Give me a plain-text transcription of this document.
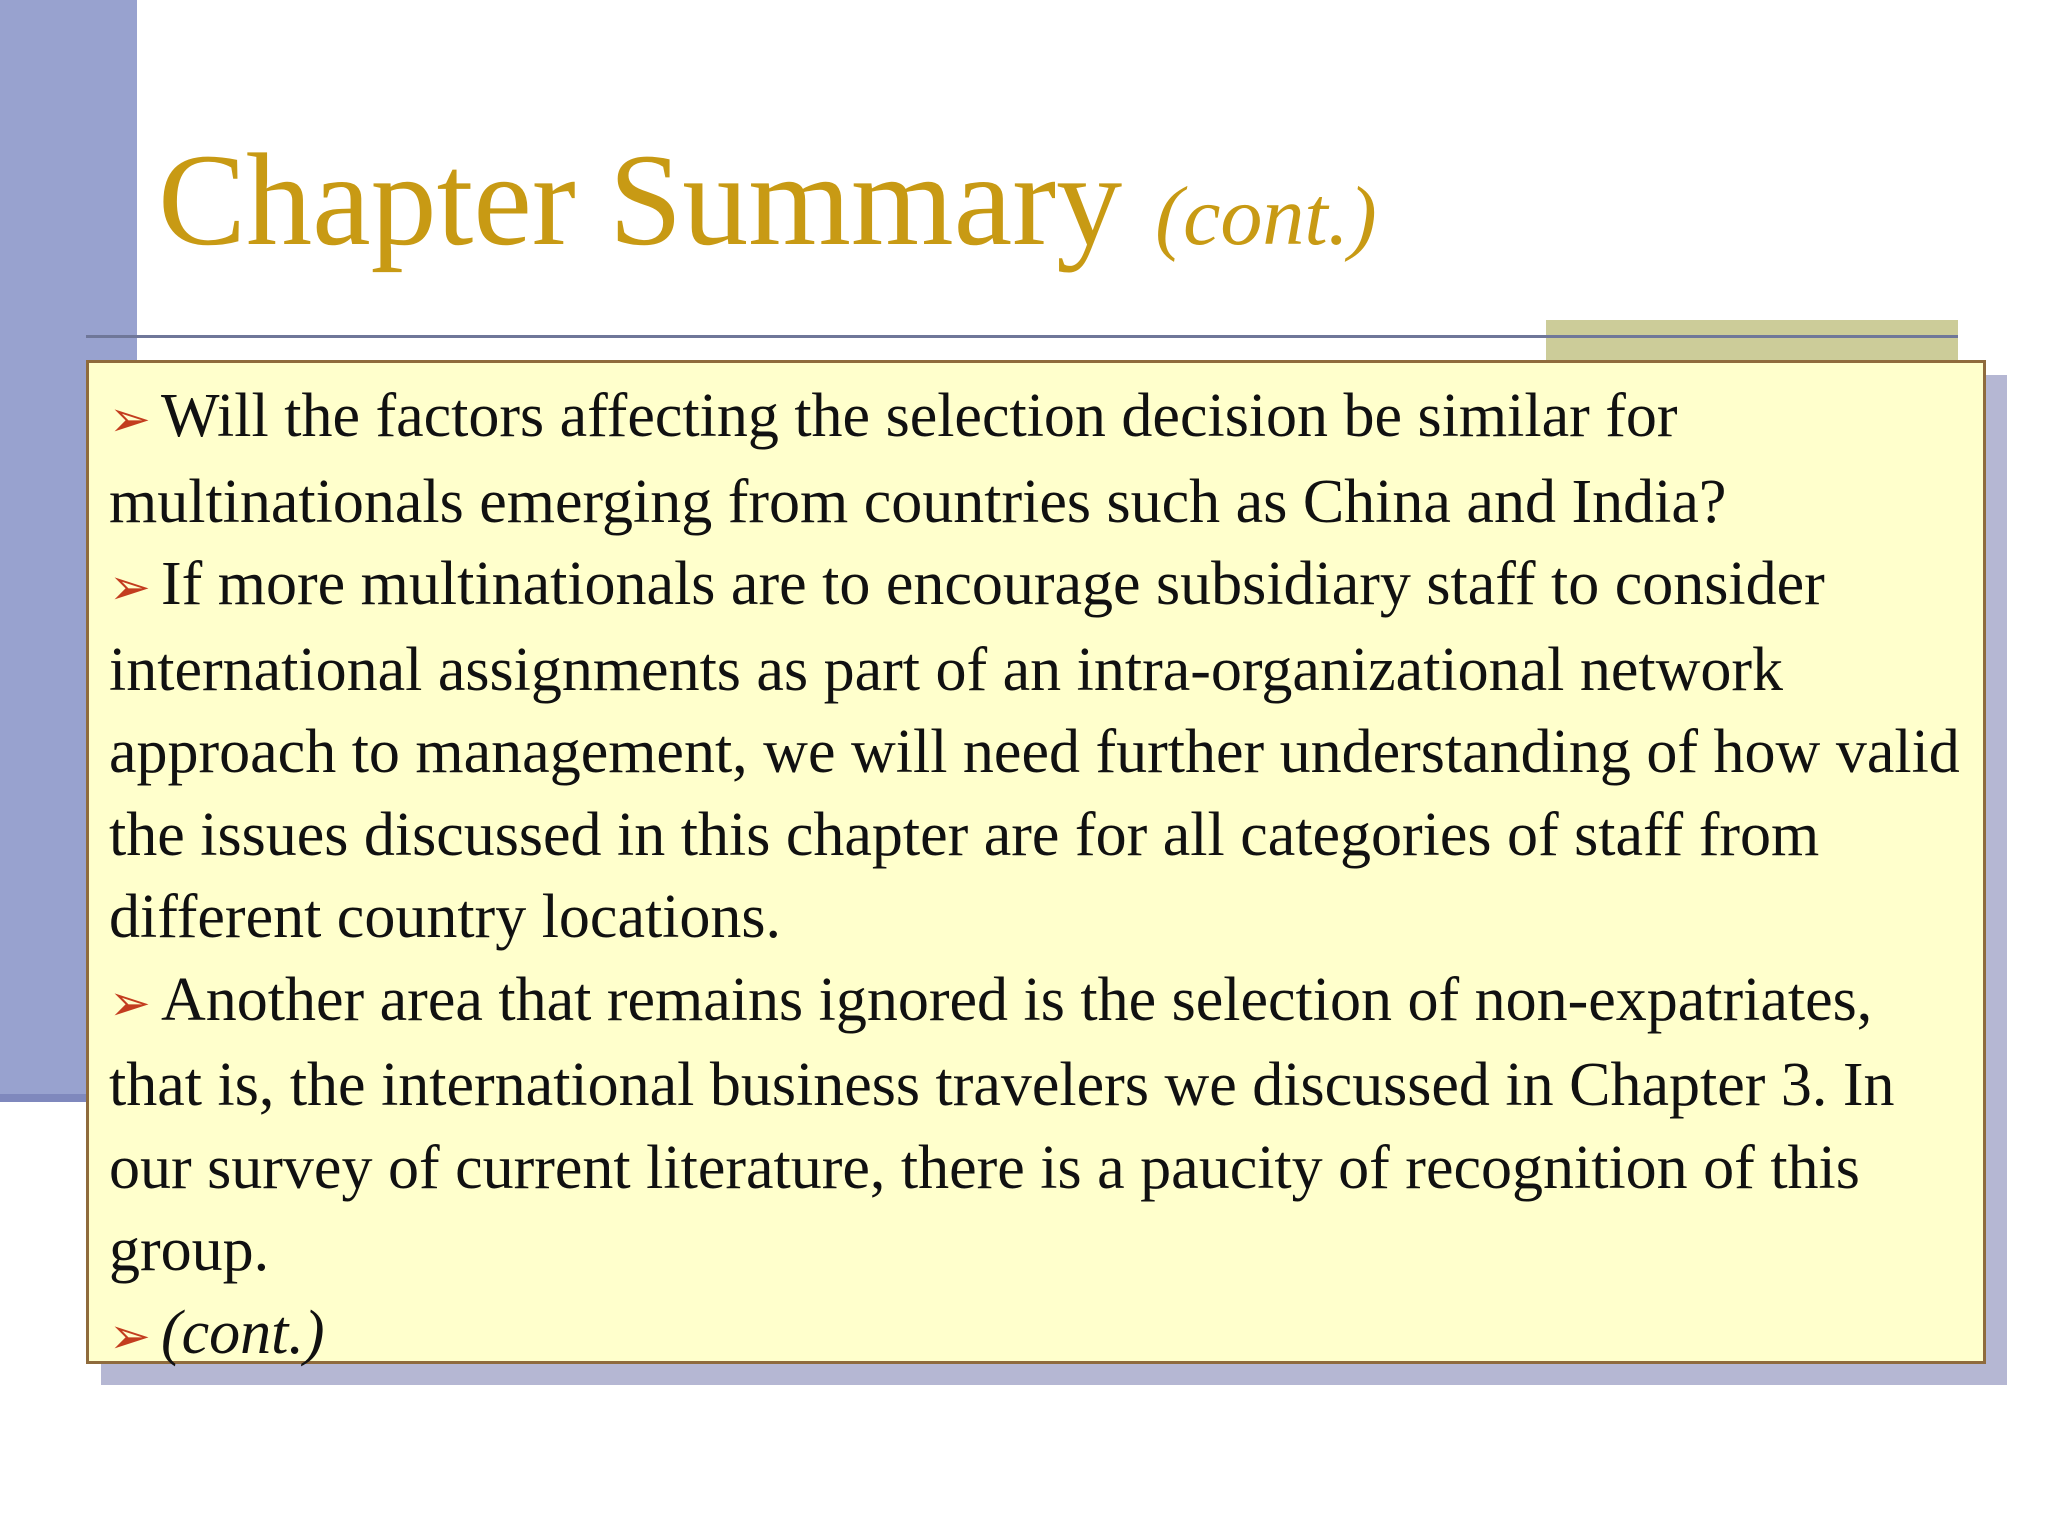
Chapter Summary (cont.)
➢ Will the factors affecting the selection decision be similar for multinationals emerging from countries such as China and India?
➢ If more multinationals are to encourage subsidiary staff to consider international assignments as part of an intra-organizational network approach to management, we will need further understanding of how valid the issues discussed in this chapter are for all categories of staff from different country locations.
➢ Another area that remains ignored is the selection of non-expatriates, that is, the international business travelers we discussed in Chapter 3. In our survey of current literature, there is a paucity of recognition of this group.
➢ (cont.)
